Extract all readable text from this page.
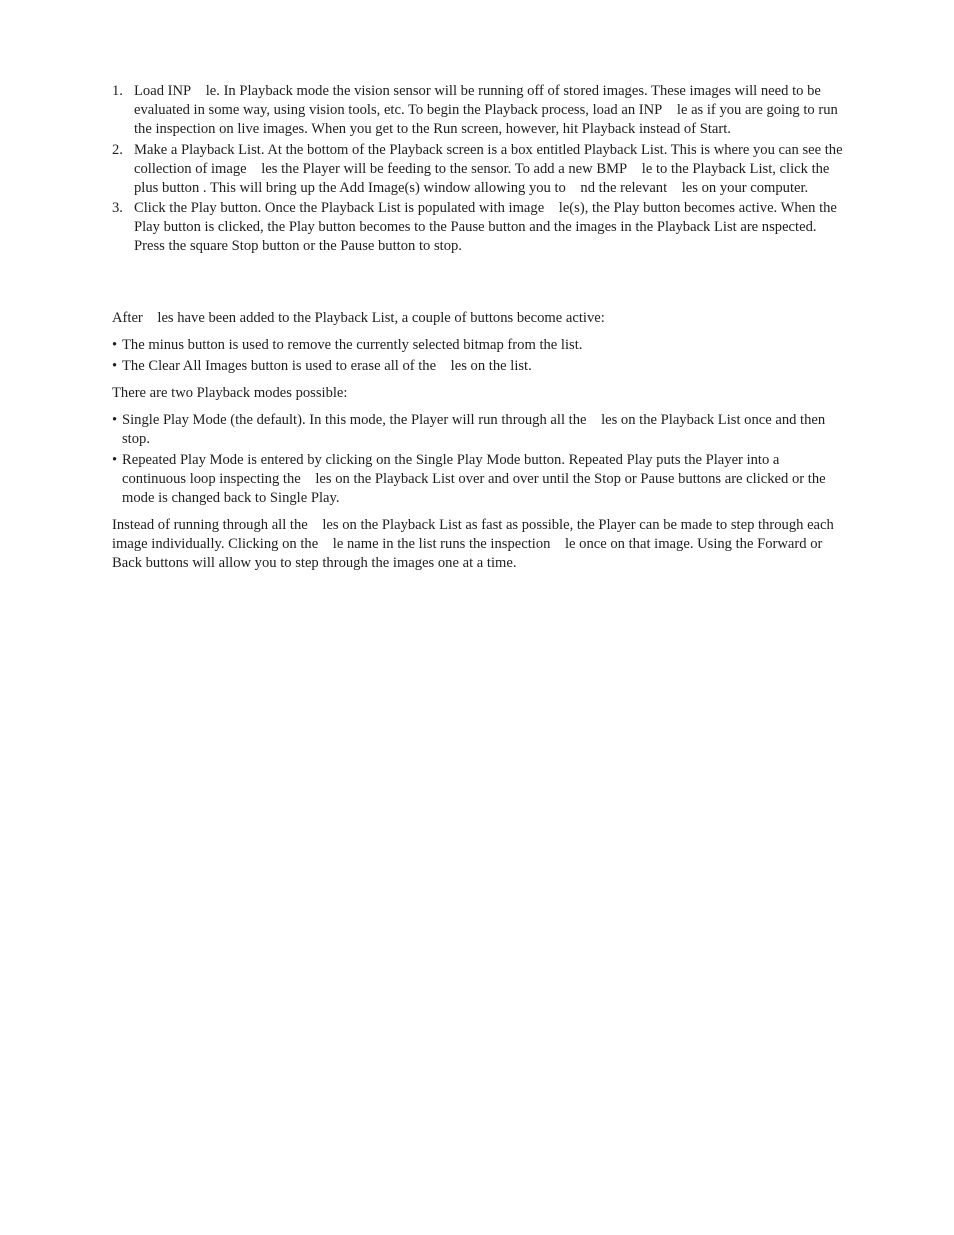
1. Load INP le. In Playback mode the vision sensor will be running off of stored images. These images will need to be evaluated in some way, using vision tools, etc. To begin the Playback process, load an INP le as if you are going to run the inspection on live images. When you get to the Run screen, however, hit Playback instead of Start.
2. Make a Playback List. At the bottom of the Playback screen is a box entitled Playback List. This is where you can see the collection of image les the Player will be feeding to the sensor. To add a new BMP le to the Playback List, click the plus button . This will bring up the Add Image(s) window allowing you to nd the relevant les on your computer.
3. Click the Play button. Once the Playback List is populated with image le(s), the Play button becomes active. When the Play button is clicked, the Play button becomes to the Pause button and the images in the Playback List are nspected. Press the square Stop button or the Pause button to stop.

After les have been added to the Playback List, a couple of buttons become active:

• The minus button is used to remove the currently selected bitmap from the list.
• The Clear All Images button is used to erase all of the les on the list.

There are two Playback modes possible:

• Single Play Mode (the default). In this mode, the Player will run through all the les on the Playback List once and then stop.
• Repeated Play Mode is entered by clicking on the Single Play Mode button. Repeated Play puts the Player into a continuous loop inspecting the les on the Playback List over and over until the Stop or Pause buttons are clicked or the mode is changed back to Single Play.

Instead of running through all the les on the Playback List as fast as possible, the Player can be made to step through each image individually. Clicking on the le name in the list runs the inspection le once on that image. Using the Forward or Back buttons will allow you to step through the images one at a time.
